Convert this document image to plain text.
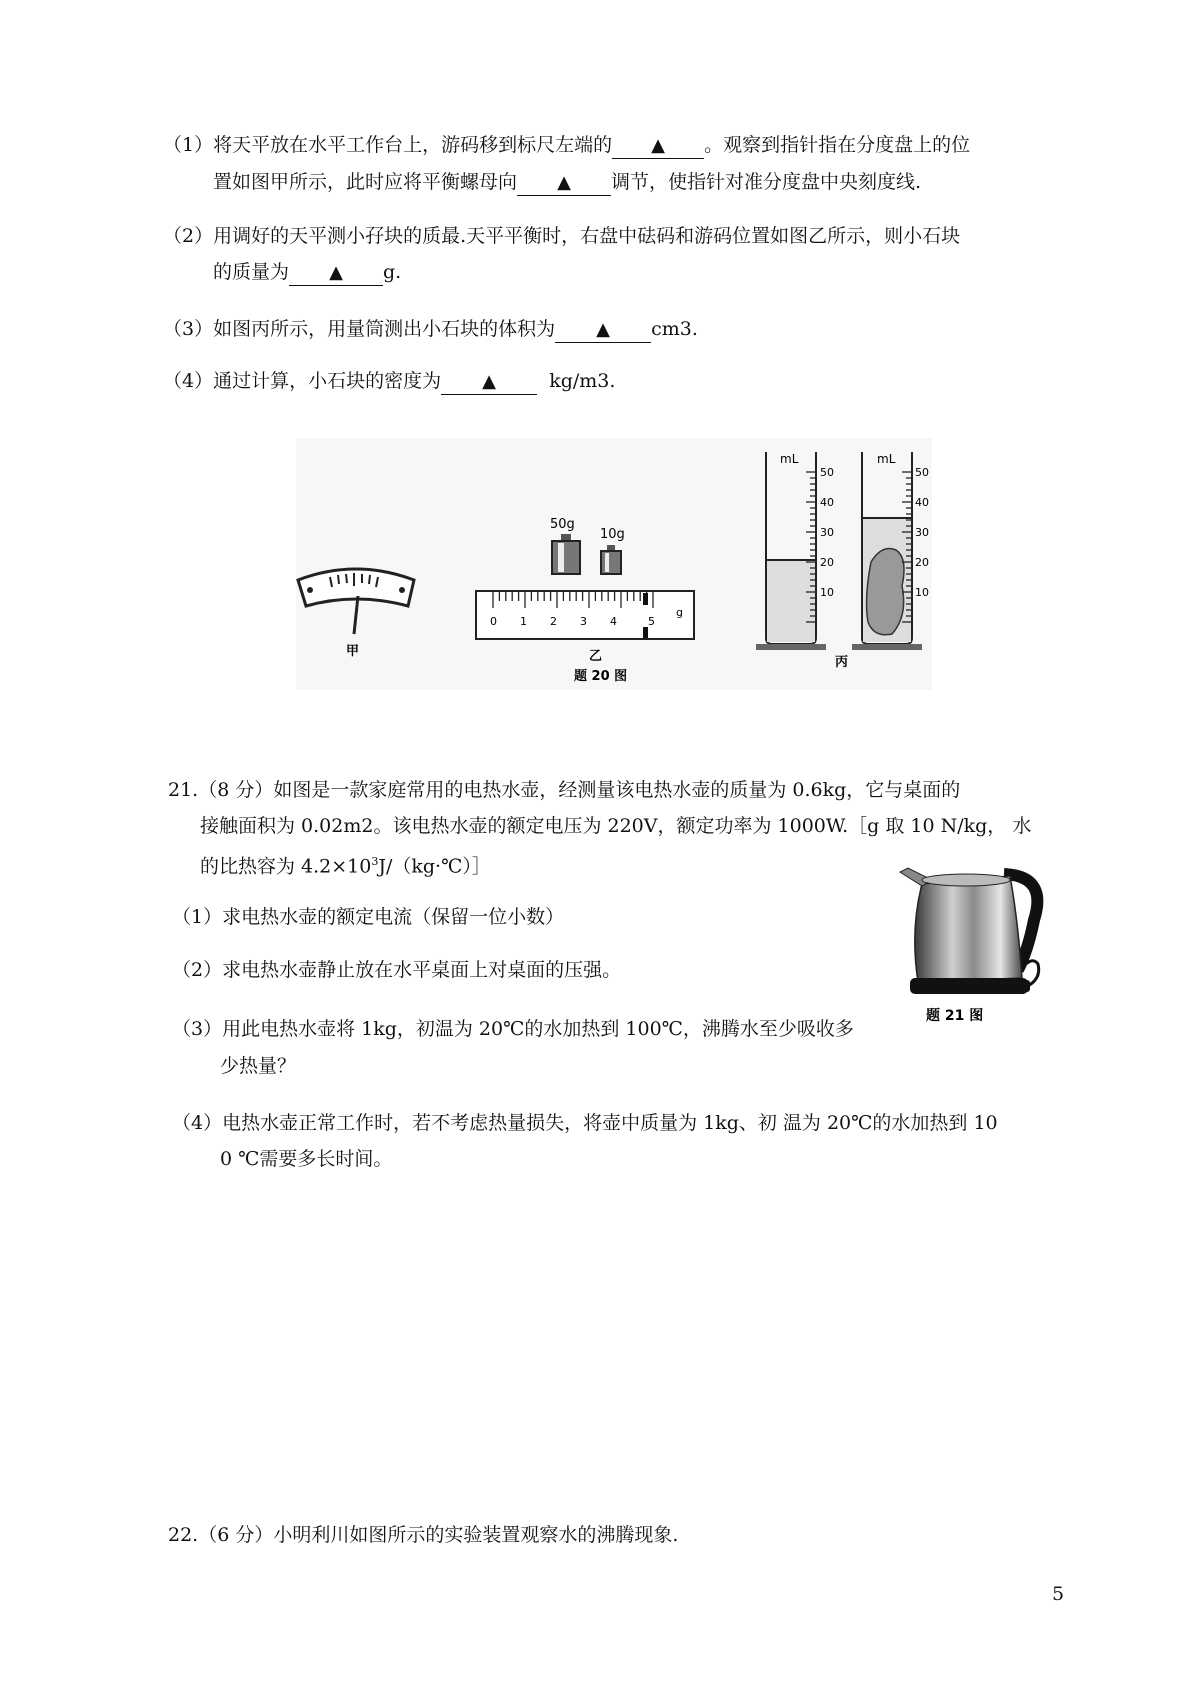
（1）将天平放在水平工作台上，游码移到标尺左端的 ▲ 。观察到指针指在分度盘上的位
置如图甲所示，此时应将平衡螺母向 ▲ 调节，使指针对准分度盘中央刻度线.
（2）用调好的天平测小孖块的质最.天平平衡时，右盘中砝码和游码位置如图乙所示，则小石块
的质量为 ▲ g.
（3）如图丙所示，用量筒测出小石块的体积为 ▲ cm3.
（4）通过计算，小石块的密度为 ▲	kg/m3.
甲
50g
10g
0 1 2 3 4	5
g
乙
题 20 图
mL
50
40
30
20
10
mL
50
40
30
20
10
丙
21.（8 分）如图是一款家庭常用的电热水壶，经测量该电热水壶的质量为 0.6kg，它与桌面的
接触面积为 0.02m2。该电热水壶的额定电压为 220V，额定功率为 1000W.［g 取 10 N/kg， 水
的比热容为 $4.2\times 10^3J/(kg\cdot℃)]$
（1）求电热水壶的额定电流（保留一位小数）
（2）求电热水壶静止放在水平桌面上对桌面的压强。
（3）用此电热水壶将 1kg，初温为 20℃的水加热到 100℃，沸腾水至少吸收多
少热量？
（4）电热水壶正常工作时，若不考虑热量损失，将壶中质量为 1kg、初 温为 20℃的水加热到 10
0 ℃需要多长时间。
题 21 图
22.（6 分）小明利川如图所示的实验装置观察水的沸腾现象.
5
